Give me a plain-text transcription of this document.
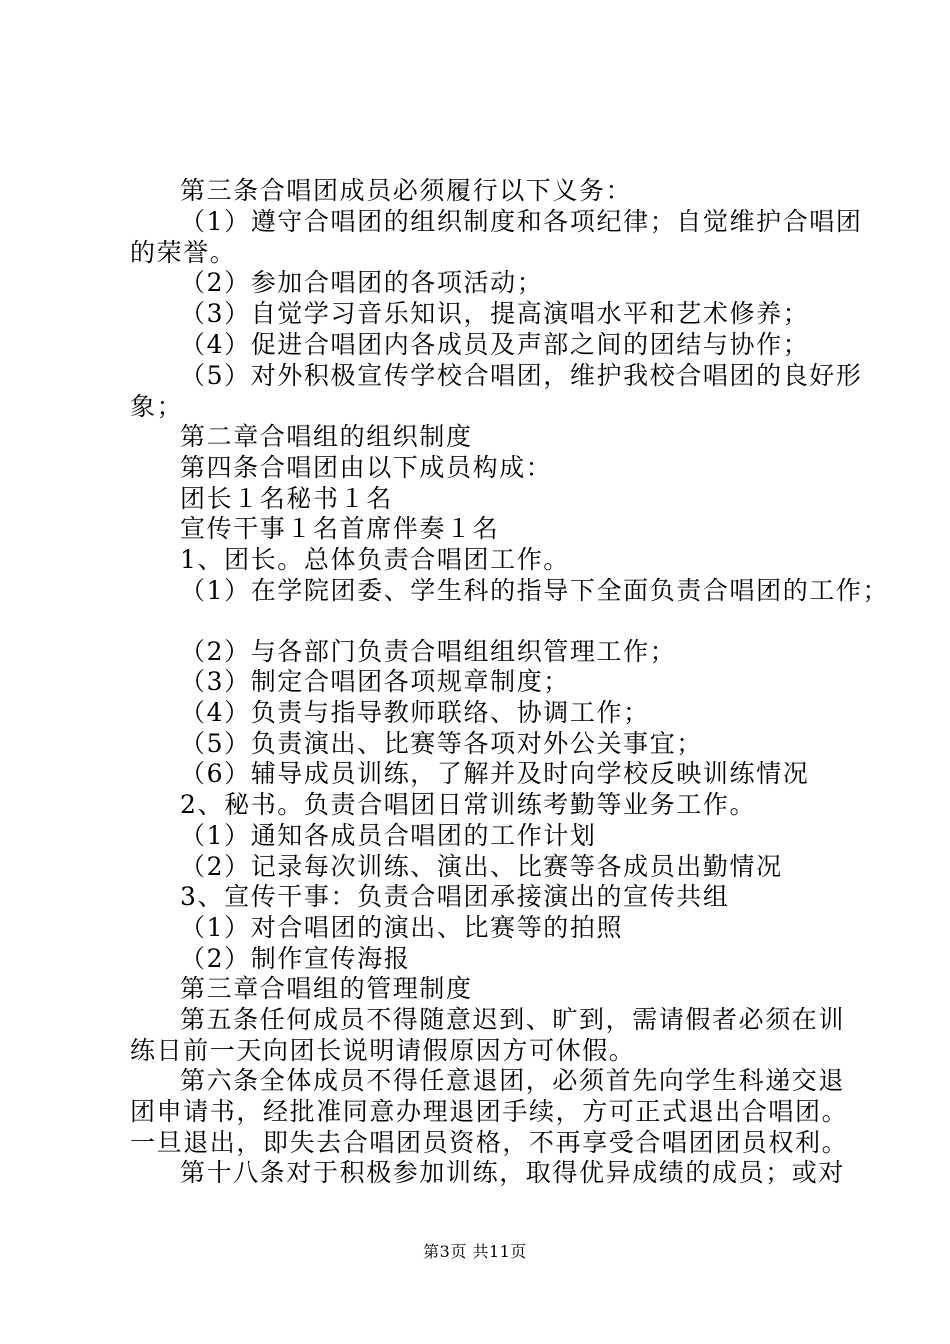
第三条合唱团成员必须履行以下义务：
（1）遵守合唱团的组织制度和各项纪律；自觉维护合唱团
的荣誉。
（2）参加合唱团的各项活动；
（3）自觉学习音乐知识，提高演唱水平和艺术修养；
（4）促进合唱团内各成员及声部之间的团结与协作；
（5）对外积极宣传学校合唱团，维护我校合唱团的良好形
象；
第二章合唱组的组织制度
第四条合唱团由以下成员构成：
团长１名秘书１名
宣传干事１名首席伴奏１名
1、团长。总体负责合唱团工作。
（1）在学院团委、学生科的指导下全面负责合唱团的工作；
（2）与各部门负责合唱组组织管理工作；
（3）制定合唱团各项规章制度；
（4）负责与指导教师联络、协调工作；
（5）负责演出、比赛等各项对外公关事宜；
（6）辅导成员训练，了解并及时向学校反映训练情况
2、秘书。负责合唱团日常训练考勤等业务工作。
（1）通知各成员合唱团的工作计划
（2）记录每次训练、演出、比赛等各成员出勤情况
3、宣传干事：负责合唱团承接演出的宣传共组
（1）对合唱团的演出、比赛等的拍照
（2）制作宣传海报
第三章合唱组的管理制度
第五条任何成员不得随意迟到、旷到，需请假者必须在训
练日前一天向团长说明请假原因方可休假。
第六条全体成员不得任意退团，必须首先向学生科递交退
团申请书，经批准同意办理退团手续，方可正式退出合唱团。
一旦退出，即失去合唱团员资格，不再享受合唱团团员权利。
第十八条对于积极参加训练，取得优异成绩的成员；或对
第3页 共11页
